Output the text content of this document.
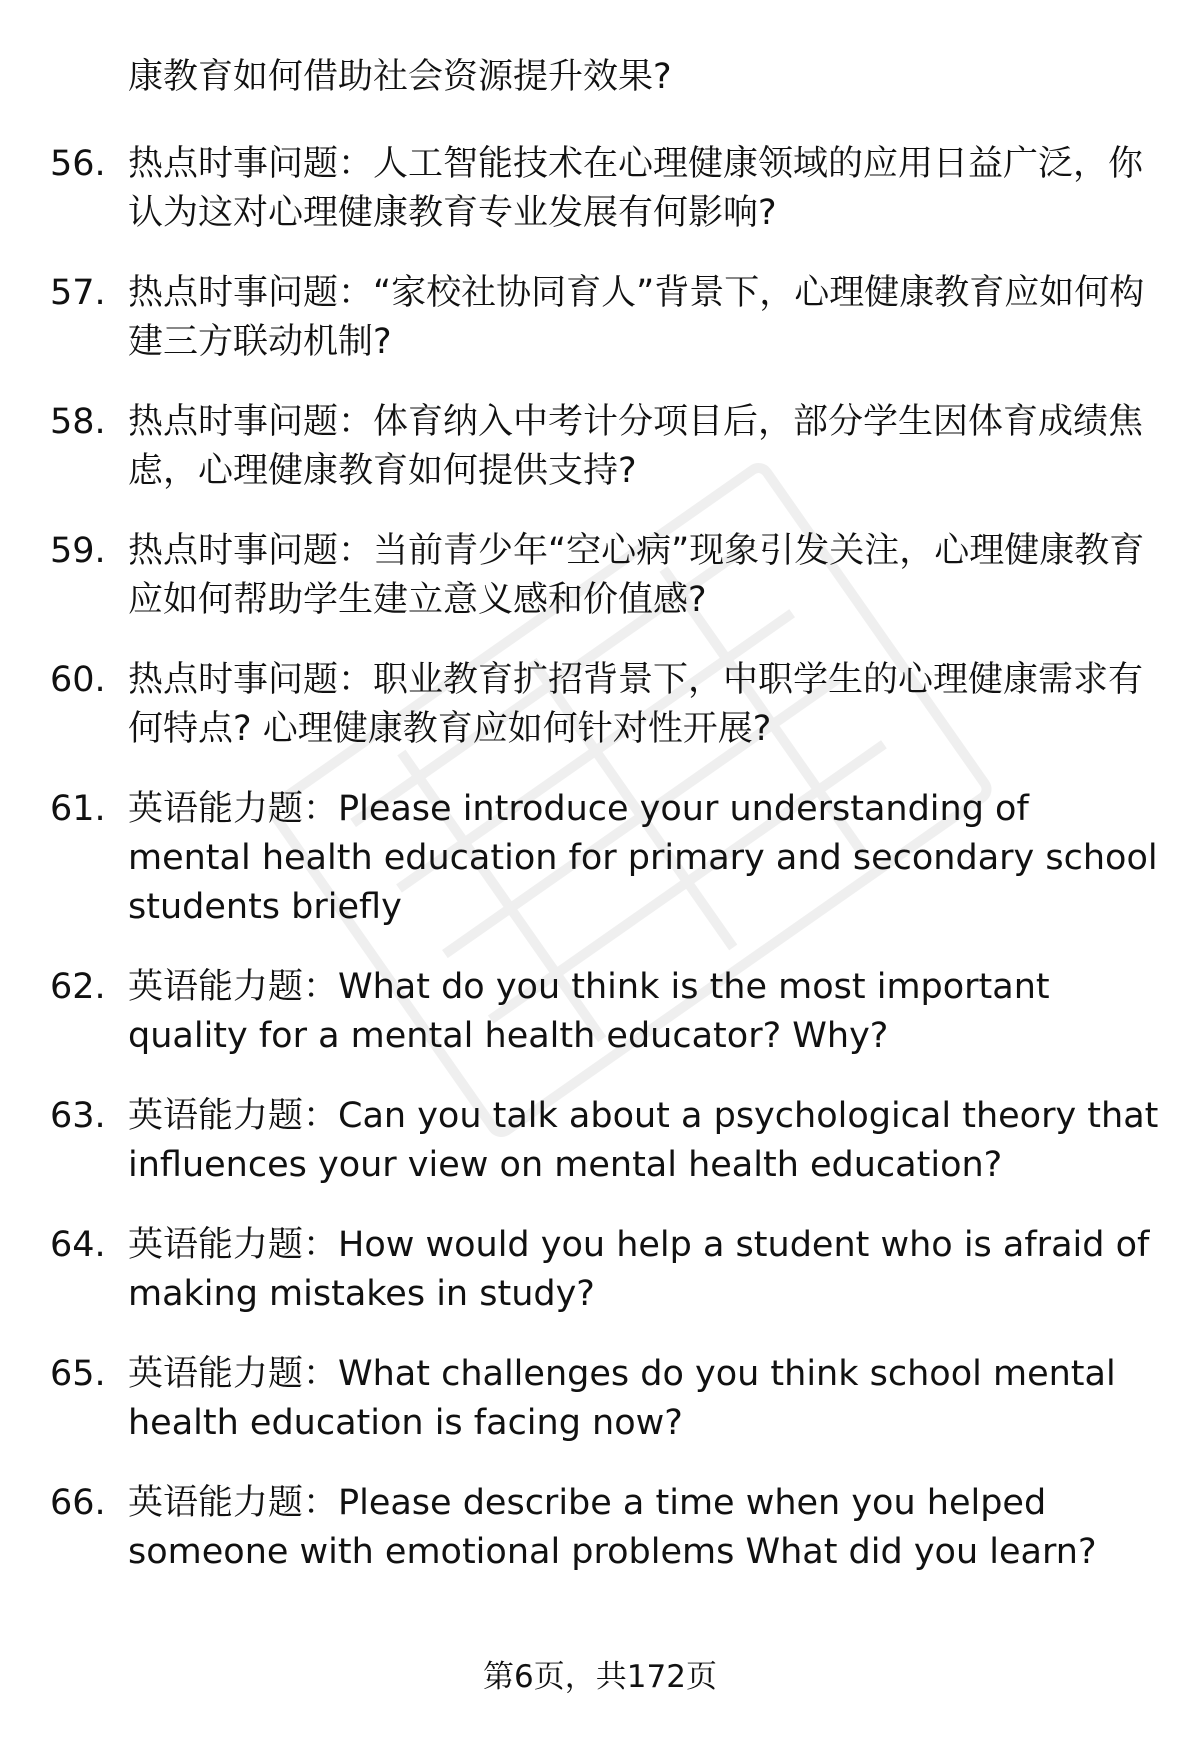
康教育如何借助社会资源提升效果?
56. 热点时事问题：人工智能技术在心理健康领域的应用日益广泛，你认为这对心理健康教育专业发展有何影响?
57. 热点时事问题：“家校社协同育人”背景下，心理健康教育应如何构建三方联动机制?
58. 热点时事问题：体育纳入中考计分项目后，部分学生因体育成绩焦虑，心理健康教育如何提供支持?
59. 热点时事问题：当前青少年“空心病”现象引发关注，心理健康教育应如何帮助学生建立意义感和价值感?
60. 热点时事问题：职业教育扩招背景下，中职学生的心理健康需求有何特点? 心理健康教育应如何针对性开展?
61. 英语能力题：Please introduce your understanding of mental health education for primary and secondary school students briefly
62. 英语能力题：What do you think is the most important quality for a mental health educator? Why?
63. 英语能力题：Can you talk about a psychological theory that influences your view on mental health education?
64. 英语能力题：How would you help a student who is afraid of making mistakes in study?
65. 英语能力题：What challenges do you think school mental health education is facing now?
66. 英语能力题：Please describe a time when you helped someone with emotional problems What did you learn?
第6页，共172页
